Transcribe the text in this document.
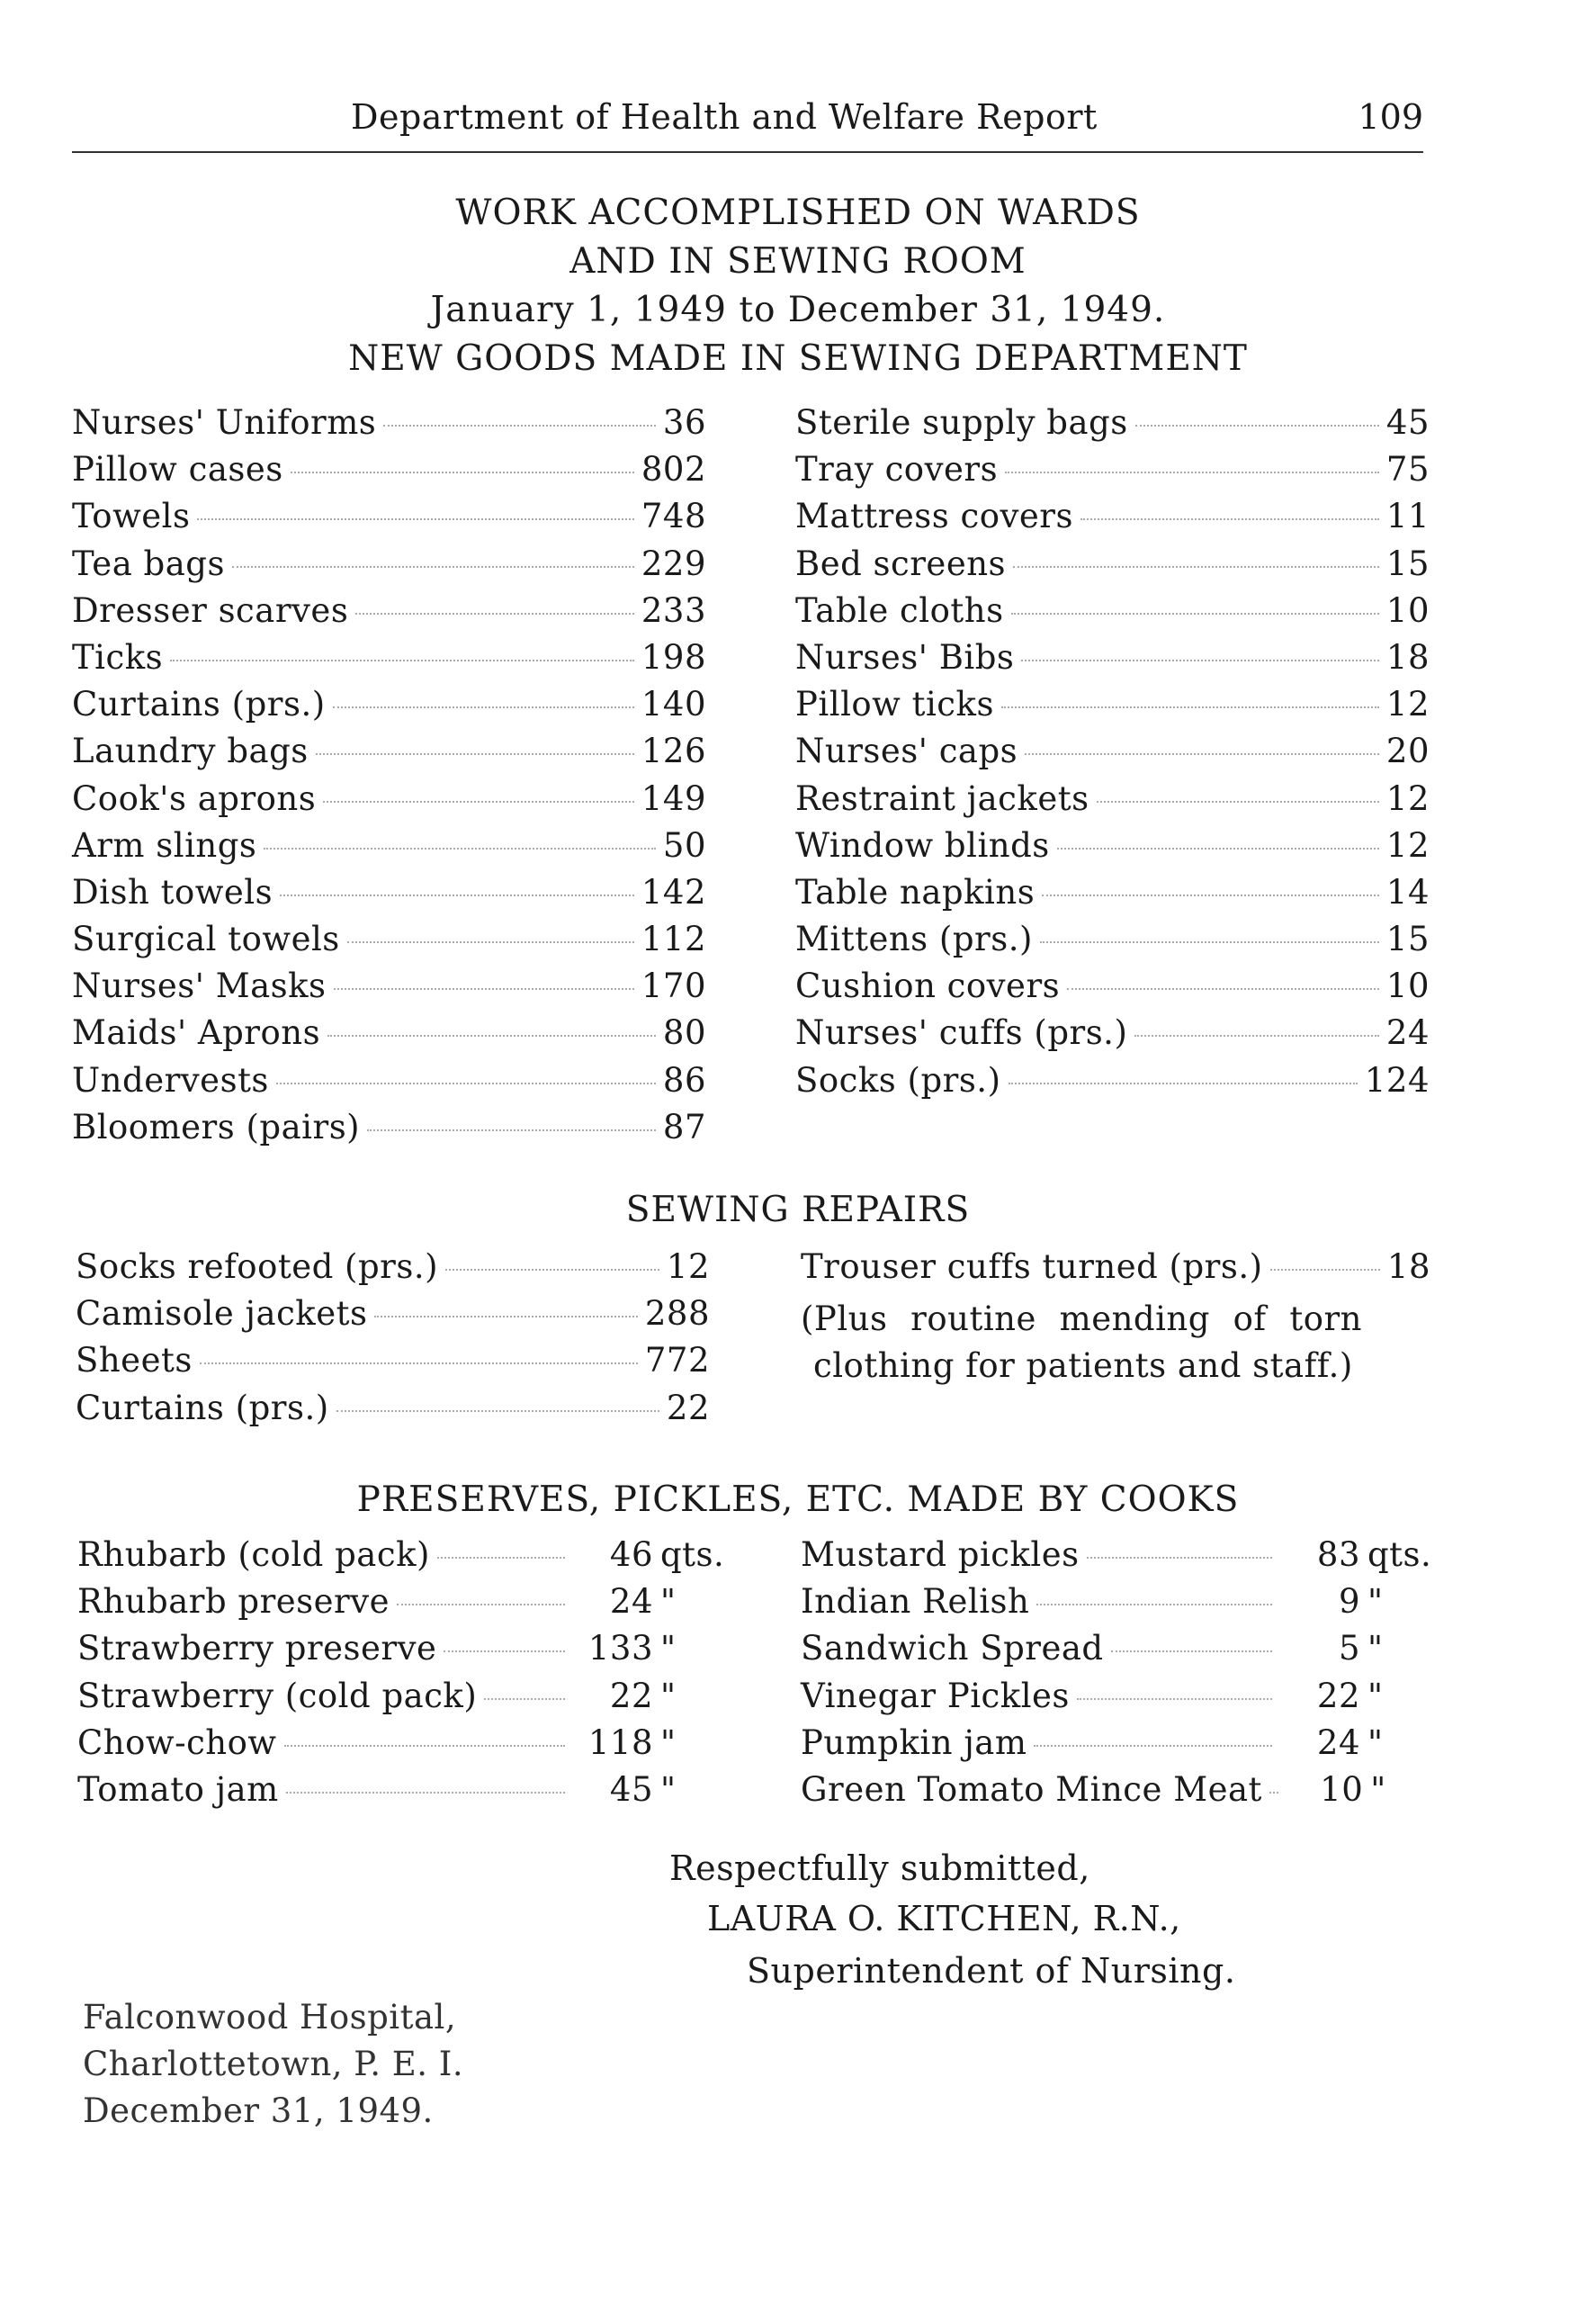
Department of Health and Welfare Report	109
WORK ACCOMPLISHED ON WARDS
AND IN SEWING ROOM
January 1, 1949 to December 31, 1949.
NEW GOODS MADE IN SEWING DEPARTMENT
Nurses' Uniforms	36
Pillow cases	802
Towels	748
Tea bags	229
Dresser scarves	233
Ticks	198
Curtains (prs.)	140
Laundry bags	126
Cook's aprons	149
Arm slings	50
Dish towels	142
Surgical towels	112
Nurses' Masks	170
Maids' Aprons	80
Undervests	86
Bloomers (pairs)	87
Sterile supply bags	45
Tray covers	75
Mattress covers	11
Bed screens	15
Table cloths	10
Nurses' Bibs	18
Pillow ticks	12
Nurses' caps	20
Restraint jackets	12
Window blinds	12
Table napkins	14
Mittens (prs.)	15
Cushion covers	10
Nurses' cuffs (prs.)	24
Socks (prs.)	124
SEWING REPAIRS
Socks refooted (prs.)	12
Camisole jackets	288
Sheets	772
Curtains (prs.)	22
Trouser cuffs turned (prs.)	18
(Plus routine mending of torn clothing for patients and staff.)
PRESERVES, PICKLES, ETC. MADE BY COOKS
Rhubarb (cold pack)	46 qts.
Rhubarb preserve	24 "
Strawberry preserve	133 "
Strawberry (cold pack)	22 "
Chow-chow	118 "
Tomato jam	45 "
Mustard pickles	83 qts.
Indian Relish	9 "
Sandwich Spread	5 "
Vinegar Pickles	22 "
Pumpkin jam	24 "
Green Tomato Mince Meat	10 "
Respectfully submitted,
LAURA O. KITCHEN, R.N.,
Superintendent of Nursing.
Falconwood Hospital,
Charlottetown, P. E. I.
December 31, 1949.
